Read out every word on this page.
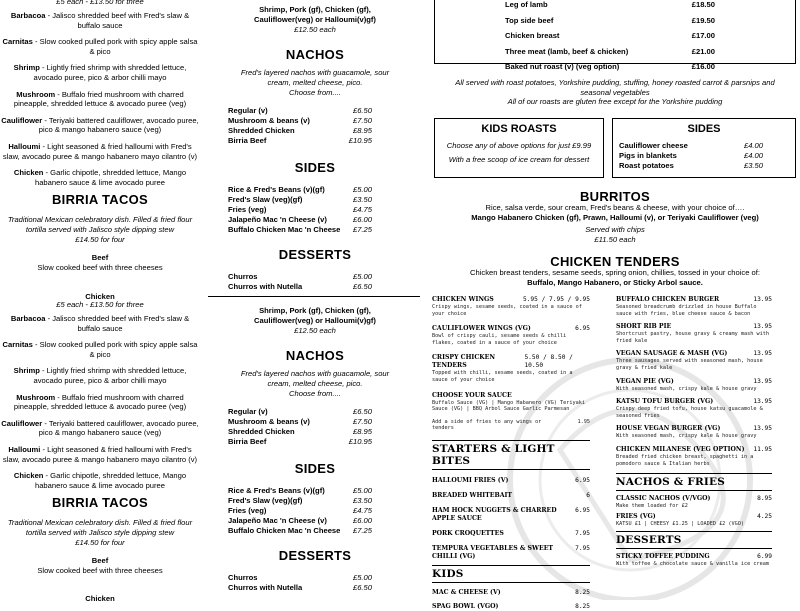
£5 each - £13.50 for three

Barbacoa - Jalisco shredded beef with Fred's slaw & buffalo sauce

Carnitas - Slow cooked pulled pork with spicy apple salsa & pico

Shrimp - Lightly fried shrimp with shredded lettuce, avocado puree, pico & arbor chilli mayo

Mushroom - Buffalo fried mushroom with charred pineapple, shredded lettuce & avocado puree (veg)

Cauliflower - Teriyaki battered cauliflower, avocado puree, pico & mango habanero sauce (veg)

Halloumi - Light seasoned & fried halloumi with Fred's slaw, avocado puree & mango habanero mayo cilantro (v)

Chicken - Garlic chipotle, shredded lettuce, Mango habanero sauce & lime avocado puree

BIRRIA TACOS

Traditional Mexican celebratory dish. Filled & fried flour tortilla served with Jalisco style dipping stew

£14.50 for four

Beef

Slow cooked beef with three cheeses

Chicken

£5 each - £13.50 for three

Barbacoa - Jalisco shredded beef with Fred's slaw & buffalo sauce

Carnitas - Slow cooked pulled pork with spicy apple salsa & pico

Shrimp - Lightly fried shrimp with shredded lettuce, avocado puree, pico & arbor chilli mayo

Mushroom - Buffalo fried mushroom with charred pineapple, shredded lettuce & avocado puree (veg)

Cauliflower - Teriyaki battered cauliflower, avocado puree, pico & mango habanero sauce (veg)

Halloumi - Light seasoned & fried halloumi with Fred's slaw, avocado puree & mango habanero mayo cilantro (v)

Chicken - Garlic chipotle, shredded lettuce, Mango habanero sauce & lime avocado puree

BIRRIA TACOS

Traditional Mexican celebratory dish. Filled & fried flour tortilla served with Jalisco style dipping stew

£14.50 for four

Beef

Slow cooked beef with three cheeses

Chicken

Shrimp, Pork (gf), Chicken (gf), Cauliflower(veg) or Halloumi(v)gf)

£12.50 each

NACHOS

Fred's layered nachos with guacamole, sour cream, melted cheese, pico.

Choose from....

Regular (v)	£6.50
Mushroom & beans (v)	£7.50
Shredded Chicken	£8.95
Birria Beef	£10.95

SIDES

Rice & Fred's Beans (v)(gf)	£5.00
Fred's Slaw (veg)(gf)	£3.50
Fries (veg)	£4.75
Jalapeño Mac 'n Cheese (v)	£6.00
Buffalo Chicken Mac 'n Cheese £7.25

DESSERTS

Churros	£5.00
Churros with Nutella	£6.50

Shrimp, Pork (gf), Chicken (gf), Cauliflower(veg) or Halloumi(v)gf)

£12.50 each

NACHOS

Fred's layered nachos with guacamole, sour cream, melted cheese, pico.

Choose from....

Regular (v)	£6.50
Mushroom & beans (v)	£7.50
Shredded Chicken	£8.95
Birria Beef	£10.95

SIDES

Rice & Fred's Beans (v)(gf)	£5.00
Fred's Slaw (veg)(gf)	£3.50
Fries (veg)	£4.75
Jalapeño Mac 'n Cheese (v)	£6.00
Buffalo Chicken Mac 'n Cheese £7.25

DESSERTS

Churros	£5.00
Churros with Nutella	£6.50
Leg of lamb	£18.50
Top side beef	£19.50
Chicken breast	£17.00
Three meat (lamb, beef & chicken)	£21.00
Baked nut roast (v) (veg option)	£16.00

All served with roast potatoes, Yorkshire pudding, stuffing, honey roasted carrot & parsnips and seasonal vegetables

All of our roasts are gluten free except for the Yorkshire pudding

KIDS ROASTS

Choose any of above options for just £9.99

With a free scoop of ice cream for dessert

SIDES

Cauliflower cheese	£4.00
Pigs in blankets	£4.00
Roast potatoes	£3.50

BURRITOS

Rice, salsa verde, sour cream, Fred's beans & cheese, with your choice of….

Mango Habanero Chicken (gf), Prawn, Halloumi (v), or Teriyaki Cauliflower (veg)

Served with chips

£11.50 each

CHICKEN TENDERS

Chicken breast tenders, sesame seeds, spring onion, chillies, tossed in your choice of:

Buffalo, Mango Habanero, or Sticky Arbol sauce.

CHICKEN WINGS	5.95 / 7.95 / 9.95
Crispy wings, sesame seeds, coated in a sauce of your choice
CAULIFLOWER WINGS (VG)	6.95
Bowl of crispy cauli, sesame seeds & chilli flakes, coated in a sauce of your choice
CRISPY CHICKEN TENDERS
5.50 / 8.50 / 10.50
Topped with chilli, sesame seeds, coated in a sauce of your choice
CHOOSE YOUR SAUCE
Buffalo Sauce (VG) | Mango Habanero (VG) Teriyaki Sauce (VG) | BBQ Arbol Sauce Garlic Parmesan
Add a side of fries to any wings or tenders
1.95
STARTERS & LIGHT BITES
HALLOUMI FRIES (V)	6.95
BREADED WHITEBAIT	6
HAM HOCK NUGGETS & CHARRED APPLE SAUCE
6.95
PORK CROQUETTES	7.95
TEMPURA VEGETABLES & SWEET CHILLI (VG)
7.95
KIDS
MAC & CHEESE (V)	8.25
SPAG BOWL (VGO)	8.25
BUFFALO CHICKEN BURGER	13.95
Seasoned breadcrumb drizzled in house Buffalo sauce with fries, blue cheese sauce & bacon
SHORT RIB PIE	13.95
Shortcrust pastry, house gravy & creamy mash with fried kale
VEGAN SAUSAGE & MASH (VG)	13.95
Three sausages served with seasoned mash, house gravy & fried kale
VEGAN PIE (VG)	13.95
With seasoned mash, crispy kale & house gravy
KATSU TOFU BURGER (VG)	13.95
Crispy deep fried tofu, house katsu guacamole & seasoned fries
HOUSE VEGAN BURGER (VG)	13.95
With seasoned mash, crispy kale & house gravy
CHICKEN MILANESE (VEG OPTION) 11.95
Breaded fried chicken breast, spaghetti in a pomodoro sauce & Italian herbs
NACHOS & FRIES
CLASSIC NACHOS (V/VGO)	8.95
Make them loaded for £2
FRIES (VG)	4.25
KATSU £1 | CHEESY £1.25 | LOADED £2 (VGO)
DESSERTS
STICKY TOFFEE PUDDING	6.99
With toffee & chocolate sauce & vanilla ice cream
